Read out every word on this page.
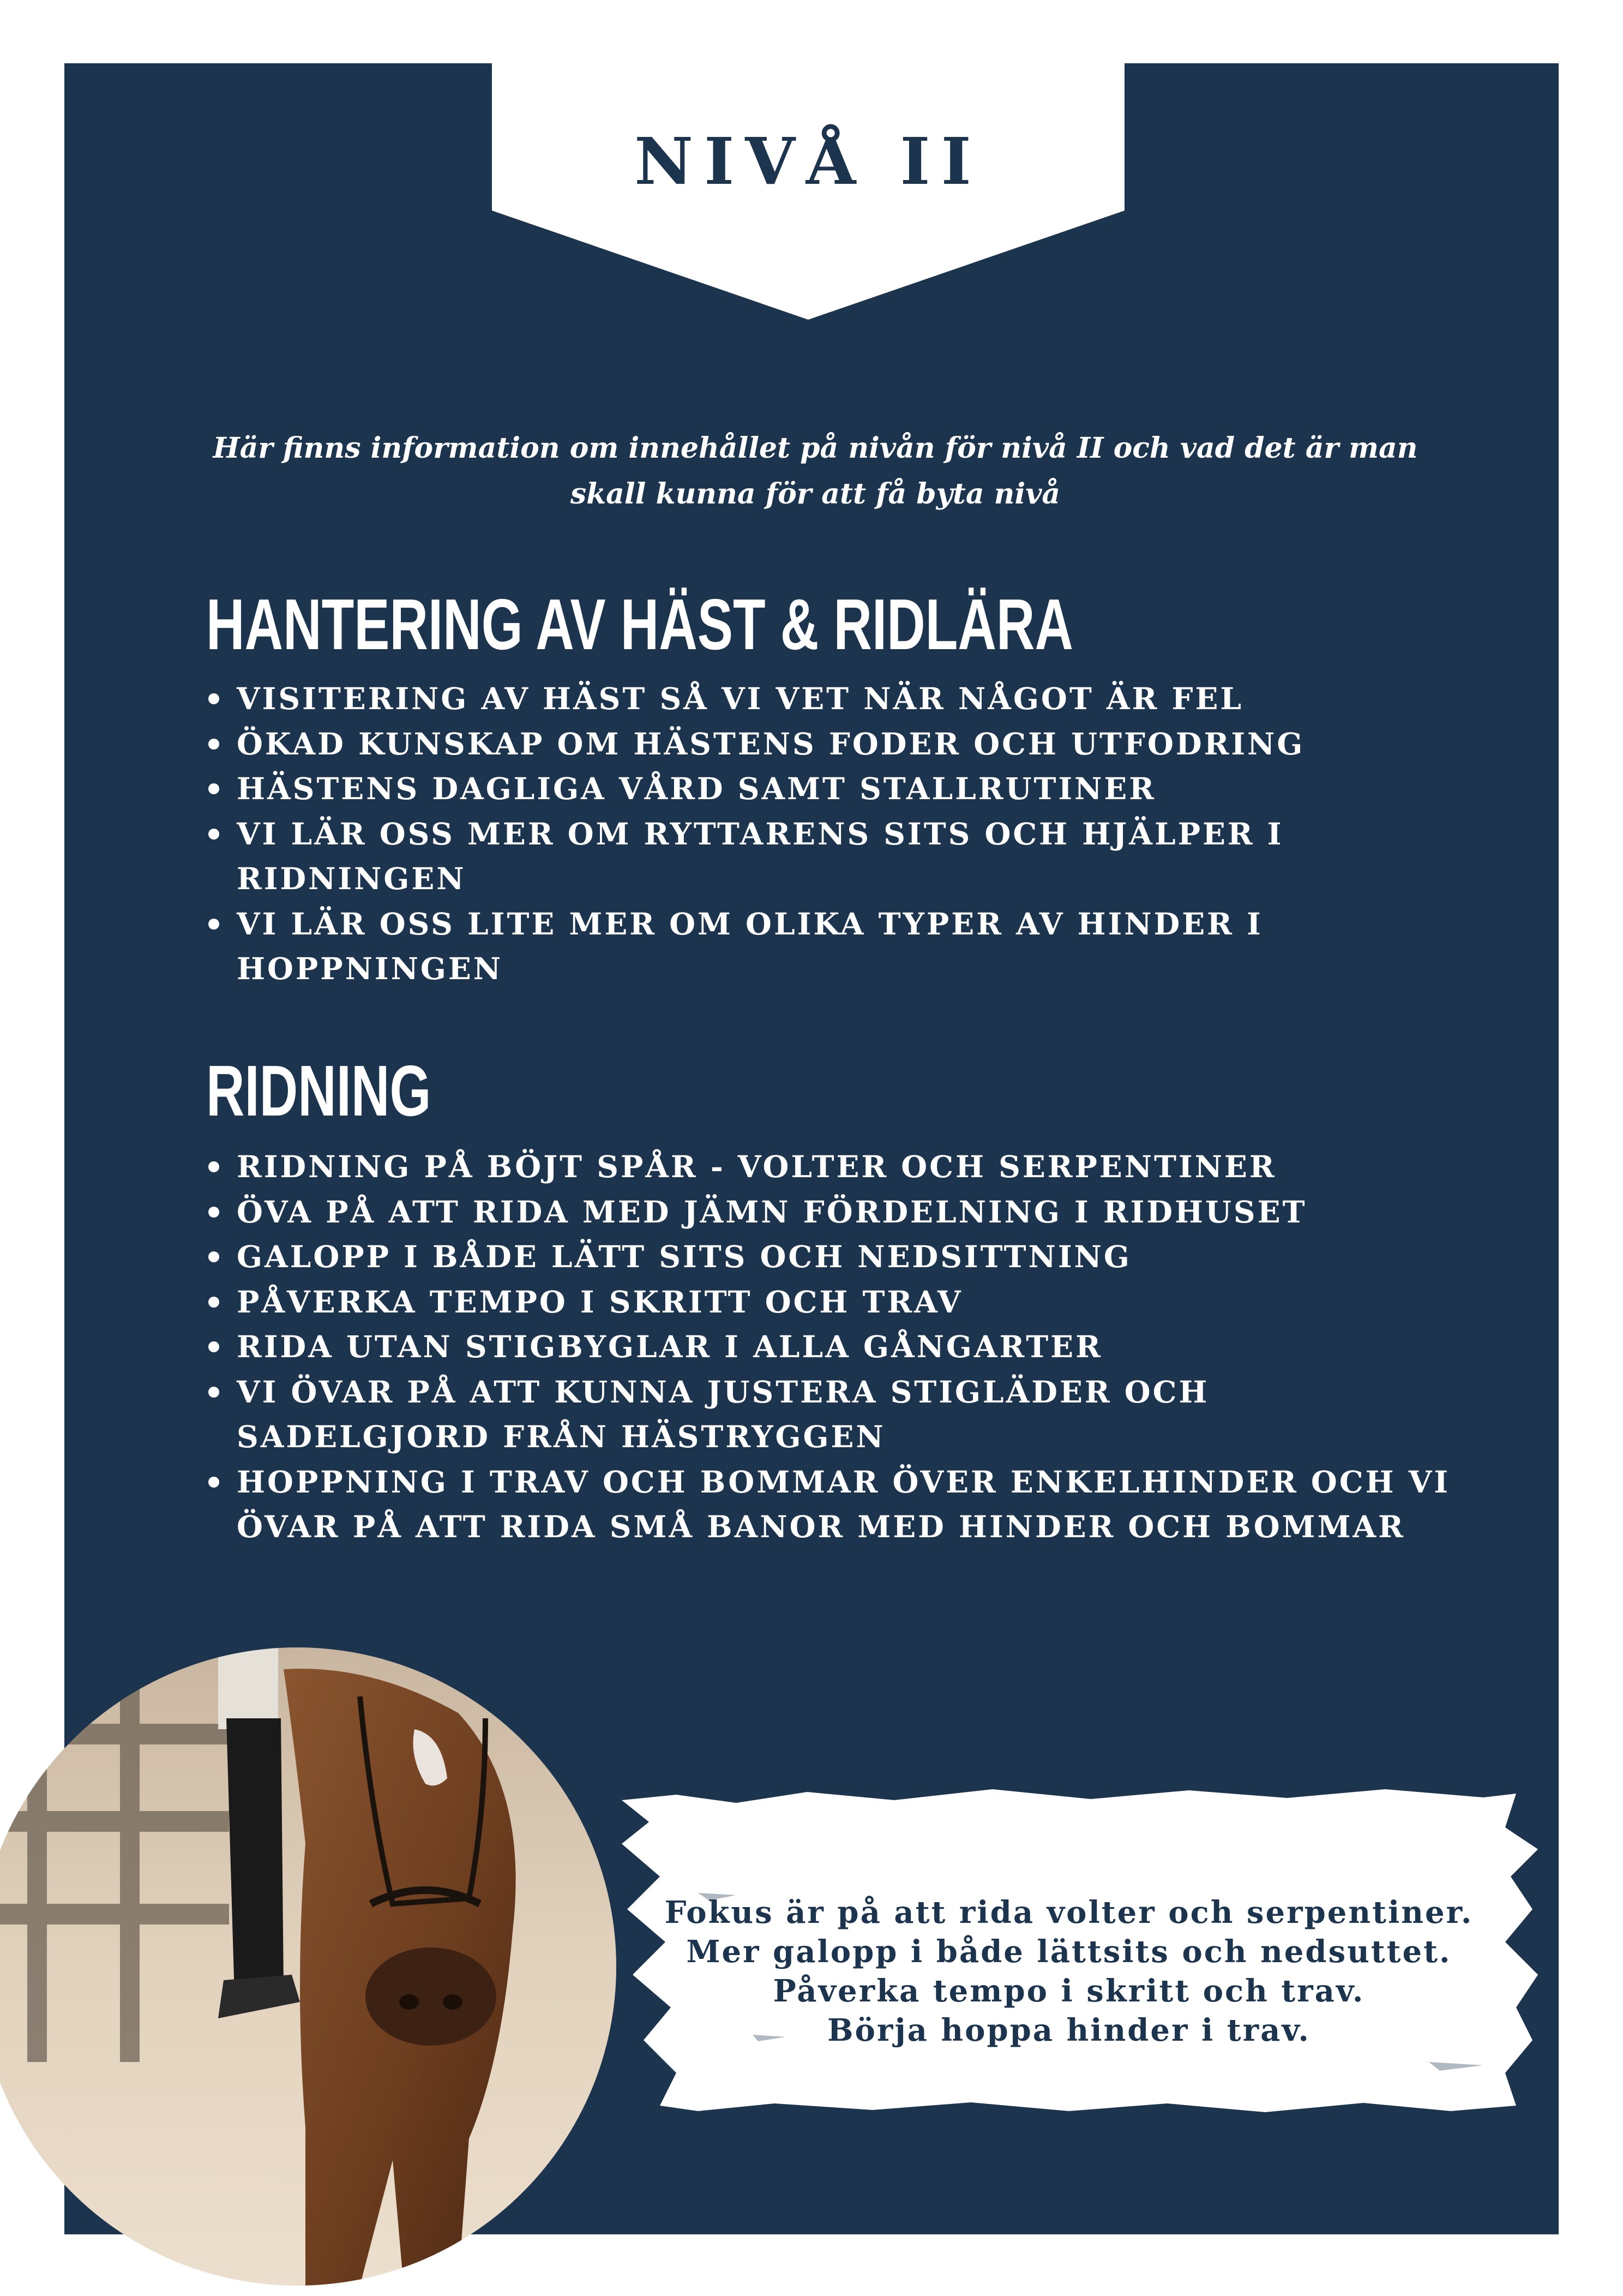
NIVÅ II
Här finns information om innehållet på nivån för nivå II och vad det är man
skall kunna för att få byta nivå
HANTERING AV HÄST & RIDLÄRA
VISITERING AV HÄST SÅ VI VET NÄR NÅGOT ÄR FEL
ÖKAD KUNSKAP OM HÄSTENS FODER OCH UTFODRING
HÄSTENS DAGLIGA VÅRD SAMT STALLRUTINER
VI LÄR OSS MER OM RYTTARENS SITS OCH HJÄLPER I RIDNINGEN
VI LÄR OSS LITE MER OM OLIKA TYPER AV HINDER I HOPPNINGEN
RIDNING
RIDNING PÅ BÖJT SPÅR - VOLTER OCH SERPENTINER
ÖVA PÅ ATT RIDA MED JÄMN FÖRDELNING I RIDHUSET
GALOPP I BÅDE LÄTT SITS OCH NEDSITTNING
PÅVERKA TEMPO I SKRITT OCH TRAV
RIDA UTAN STIGBYGLAR I ALLA GÅNGARTER
VI ÖVAR PÅ ATT KUNNA JUSTERA STIGLÄDER OCH SADELGJORD FRÅN HÄSTRYGGEN
HOPPNING I TRAV OCH BOMMAR ÖVER ENKELHINDER OCH VI ÖVAR PÅ ATT RIDA SMÅ BANOR MED HINDER OCH BOMMAR
Fokus är på att rida volter och serpentiner.
Mer galopp i både lättsits och nedsuttet.
Påverka tempo i skritt och trav.
Börja hoppa hinder i trav.
